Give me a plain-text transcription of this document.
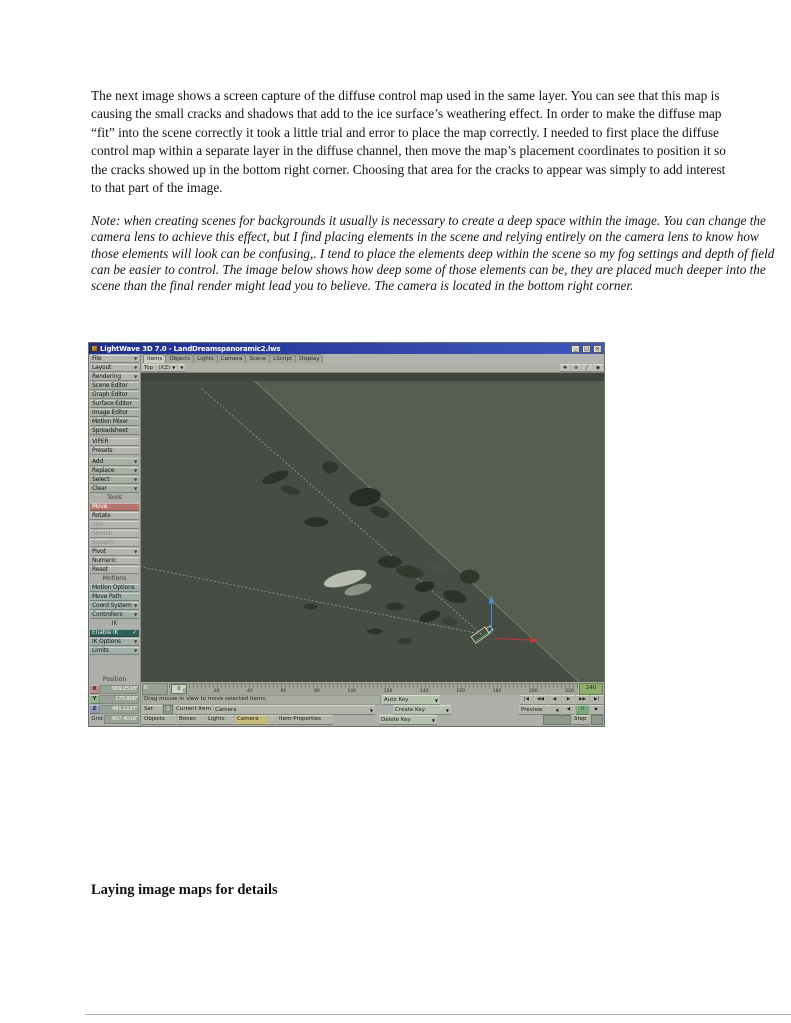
The next image shows a screen capture of the diffuse control map used in the same layer. You can see that this map is causing the small cracks and shadows that add to the ice surface’s weathering effect. In order to make the diffuse map “fit” into the scene correctly it took a little trial and error to place the map correctly. I needed to first place the diffuse control map within a separate layer in the diffuse channel, then move the map’s placement coordinates to position it so the cracks showed up in the bottom right corner. Choosing that area for the cracks to appear was simply to add interest to that part of the image.
Note: when creating scenes for backgrounds it usually is necessary to create a deep space within the image. You can change the camera lens to achieve this effect, but I find placing elements in the scene and relying entirely on the camera lens to know how those elements will look can be confusing,. I tend to place the elements deep within the scene so my fog settings and depth of field can be easier to control. The image below shows how deep some of those elements can be, they are placed much deeper into the scene than the final render might lead you to believe. The camera is located in the bottom right corner.
LightWave 3D 7.0 - LandDreamspanoramic2.lws	_	□	×
File	▼
Layout	▼
Rendering	▼
Scene Editor
Graph Editor
Surface Editor
Image Editor
Motion Mixer
Spreadsheet
VIPER
Presets
Add	▼
Replace	▼
Select	▼
Clear	▼
Tools
Move
Rotate
Size
Stretch
Squash
Pivot	▼
Numeric
Reset
Motions
Motion Options
Move Path
Coord System ▼
Controllers	▼
IK
Enable IK ✓
IK Options	▼
Limits	▼
Position
X	969.2518"
Y	173.806"
Z	481.1197"
Grid	907.4018"
Items	Objects	Lights	Camera	Scene	LScript	Display
Top (XZ) ▼ ▼	✚	⊕	╱	◉
0	0 0	20	40	60	80	100	120	140	160	180	200	220
240
Drag mouse in view to move selected items.	Auto Key	▼	|◀	◀◀	◀	▶	▶▶	▶|
Set	1	Current Item Camera	▼	Create Key	▼	Preview	▼	◀	II	▶
Objects	Bones	Lights	Camera	Item Properties	Delete Key	▼	Step
Laying image maps for details
